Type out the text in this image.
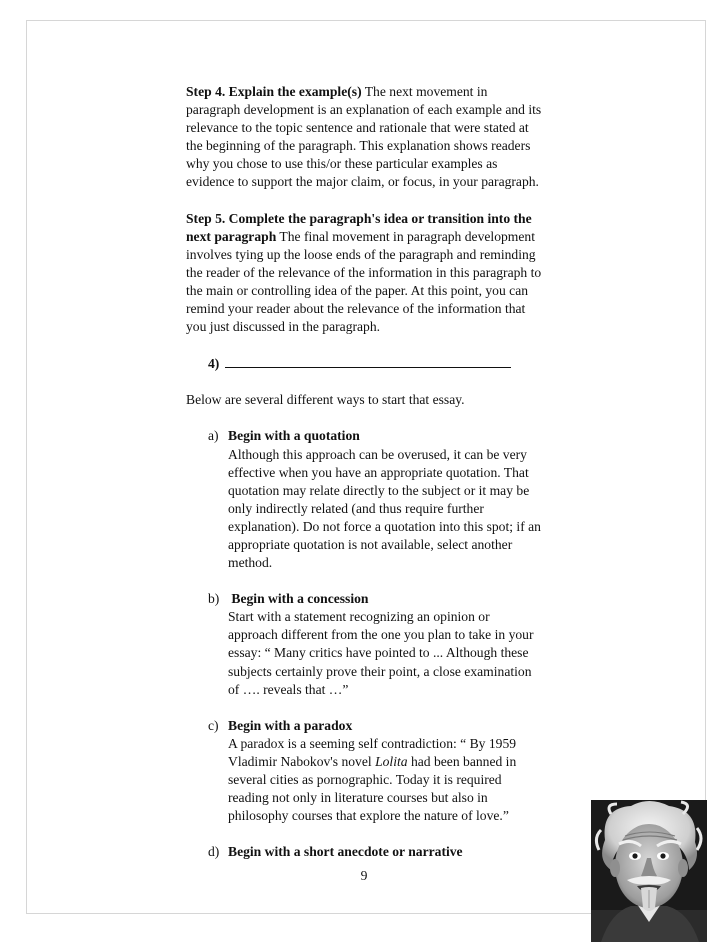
Step 4. Explain the example(s) The next movement in paragraph development is an explanation of each example and its relevance to the topic sentence and rationale that were stated at the beginning of the paragraph. This explanation shows readers why you chose to use this/or these particular examples as evidence to support the major claim, or focus, in your paragraph.

Step 5. Complete the paragraph's idea or transition into the next paragraph The final movement in paragraph development involves tying up the loose ends of the paragraph and reminding the reader of the relevance of the information in this paragraph to the main or controlling idea of the paper. At this point, you can remind your reader about the relevance of the information that you just discussed in the paragraph.

4)

Below are several different ways to start that essay.

a) Begin with a quotation
Although this approach can be overused, it can be very effective when you have an appropriate quotation. That quotation may relate directly to the subject or it may be only indirectly related (and thus require further explanation). Do not force a quotation into this spot; if an appropriate quotation is not available, select another method.
b) Begin with a concession
Start with a statement recognizing an opinion or approach different from the one you plan to take in your essay: “ Many critics have pointed to ... Although these subjects certainly prove their point, a close examination of …. reveals that …”
c) Begin with a paradox
A paradox is a seeming self contradiction: “ By 1959 Vladimir Nabokov's novel Lolita had been banned in several cities as pornographic. Today it is required reading not only in literature courses but also in philosophy courses that explore the nature of love.”
d) Begin with a short anecdote or narrative
9
